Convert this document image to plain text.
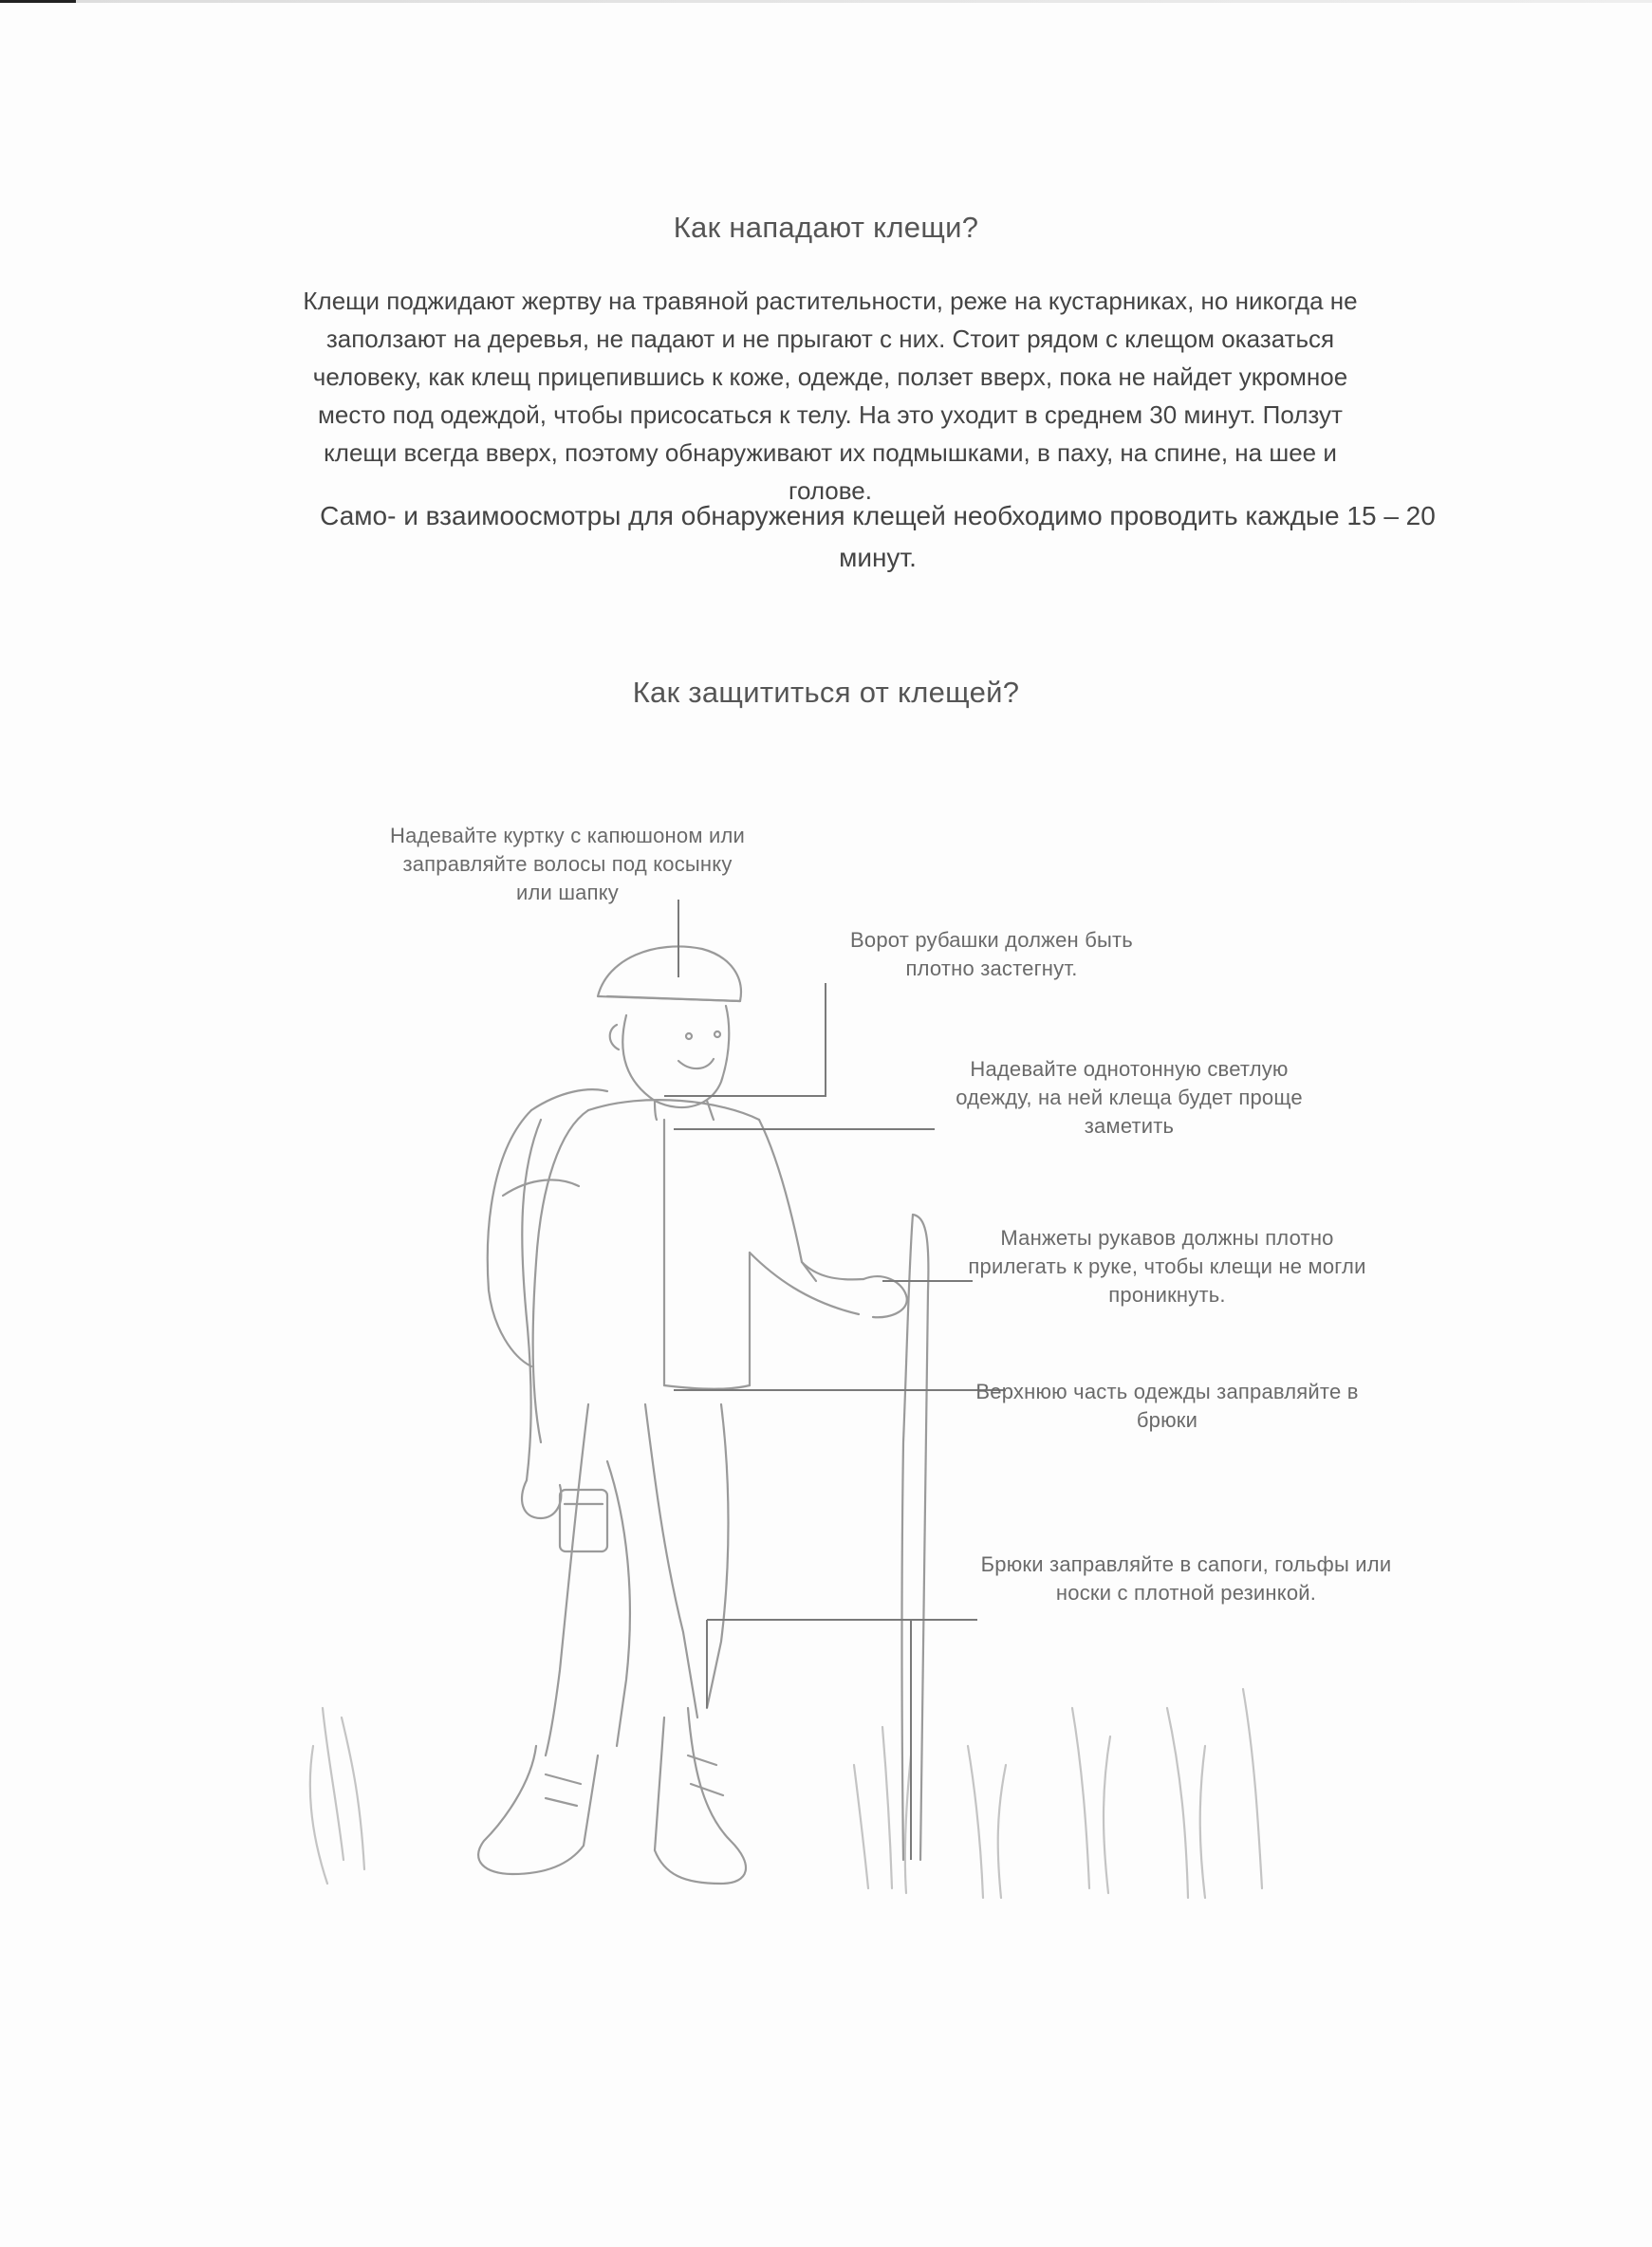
Как нападают клещи?
Клещи поджидают жертву на травяной растительности, реже на кустарниках, но никогда не заползают на деревья, не падают и не прыгают с них. Стоит рядом с клещом оказаться человеку, как клещ прицепившись к коже, одежде, ползет вверх, пока не найдет укромное место под одеждой, чтобы присосаться к телу. На это уходит в среднем 30 минут. Ползут клещи всегда вверх, поэтому обнаруживают их подмышками, в паху, на спине, на шее и голове.
Само- и взаимоосмотры для обнаружения клещей необходимо проводить каждые 15 – 20 минут.
Как защититься от клещей?
Надевайте куртку с капюшоном или заправляйте волосы под косынку или шапку
Ворот рубашки должен быть плотно застегнут.
Надевайте однотонную светлую одежду, на ней клеща будет проще заметить
Манжеты рукавов должны плотно прилегать к руке, чтобы клещи не могли проникнуть.
Верхнюю часть одежды заправляйте в брюки
Брюки заправляйте в сапоги, гольфы или носки с плотной резинкой.
